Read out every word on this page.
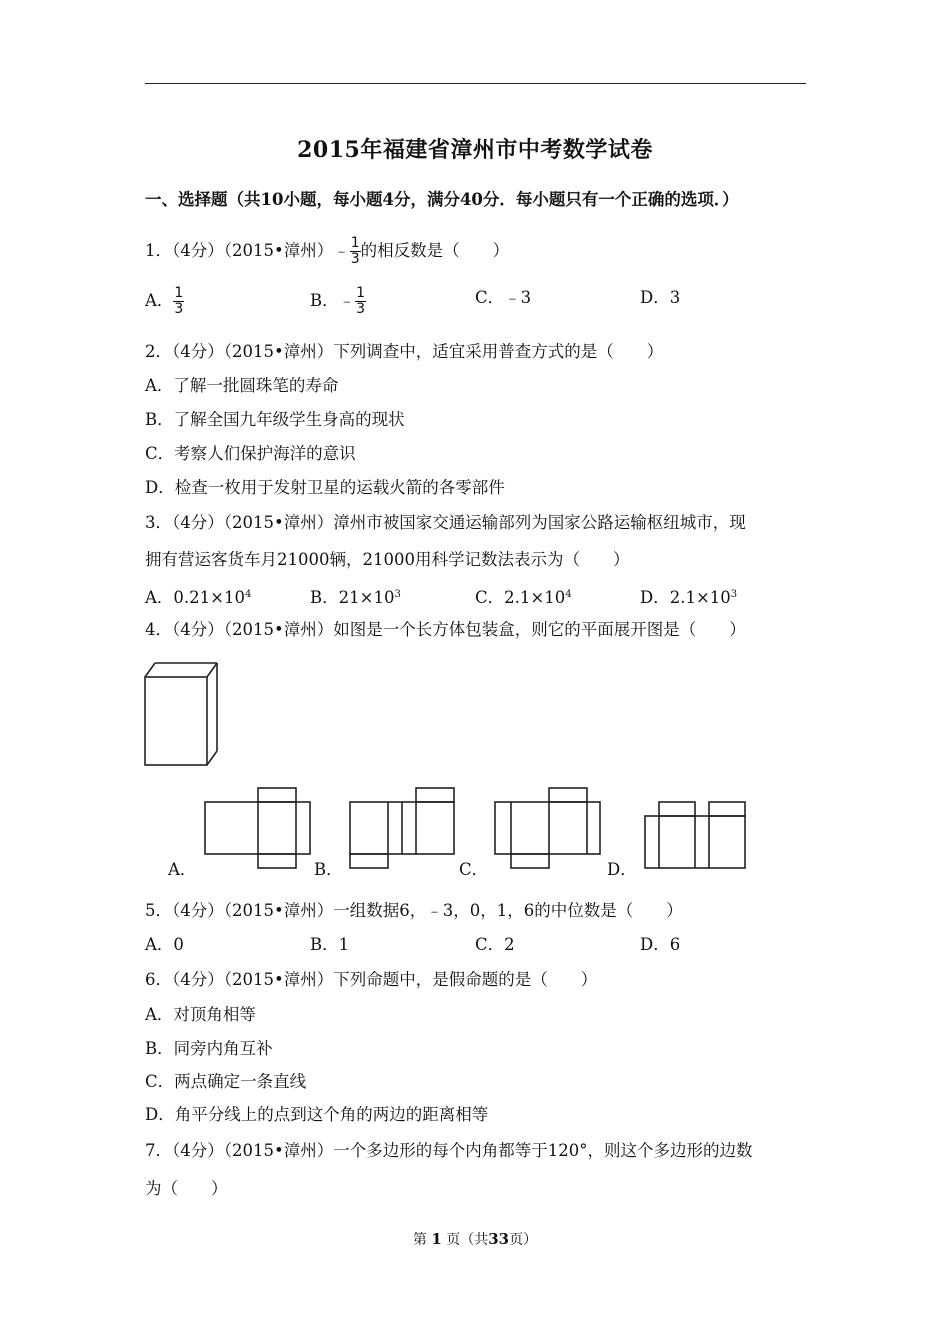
2015年福建省漳州市中考数学试卷
一、选择题（共10小题，每小题4分，满分40分．每小题只有一个正确的选项．）
1．（4分）（2015•漳州）﹣ $\frac{1}{3}$ 的相反数是（　　）
A． $\frac{1}{3}$	B．﹣ $\frac{1}{3}$	C．﹣3	D．3
2．（4分）（2015•漳州）下列调查中，适宜采用普查方式的是（　　）
A．了解一批圆珠笔的寿命
B．了解全国九年级学生身高的现状
C．考察人们保护海洋的意识
D．检查一枚用于发射卫星的运载火箭的各零部件
3．（4分）（2015•漳州）漳州市被国家交通运输部列为国家公路运输枢纽城市，现
拥有营运客货车月21000辆，21000用科学记数法表示为（　　）
A．$0.21\times 10^4$	B．$21\times 10^3$	C．$2.1\times 10^4$	D．$2.1\times 10^3$
4．（4分）（2015•漳州）如图是一个长方体包装盒，则它的平面展开图是（　　）
A．	B．	C．	D．
5．（4分）（2015•漳州）一组数据6，﹣3，0，1，6的中位数是（　　）
A．0	B．1	C．2	D．6
6．（4分）（2015•漳州）下列命题中，是假命题的是（　　）
A．对顶角相等
B．同旁内角互补
C．两点确定一条直线
D．角平分线上的点到这个角的两边的距离相等
7．（4分）（2015•漳州）一个多边形的每个内角都等于120°，则这个多边形的边数
为（　　）
第 1 页（共33页）
